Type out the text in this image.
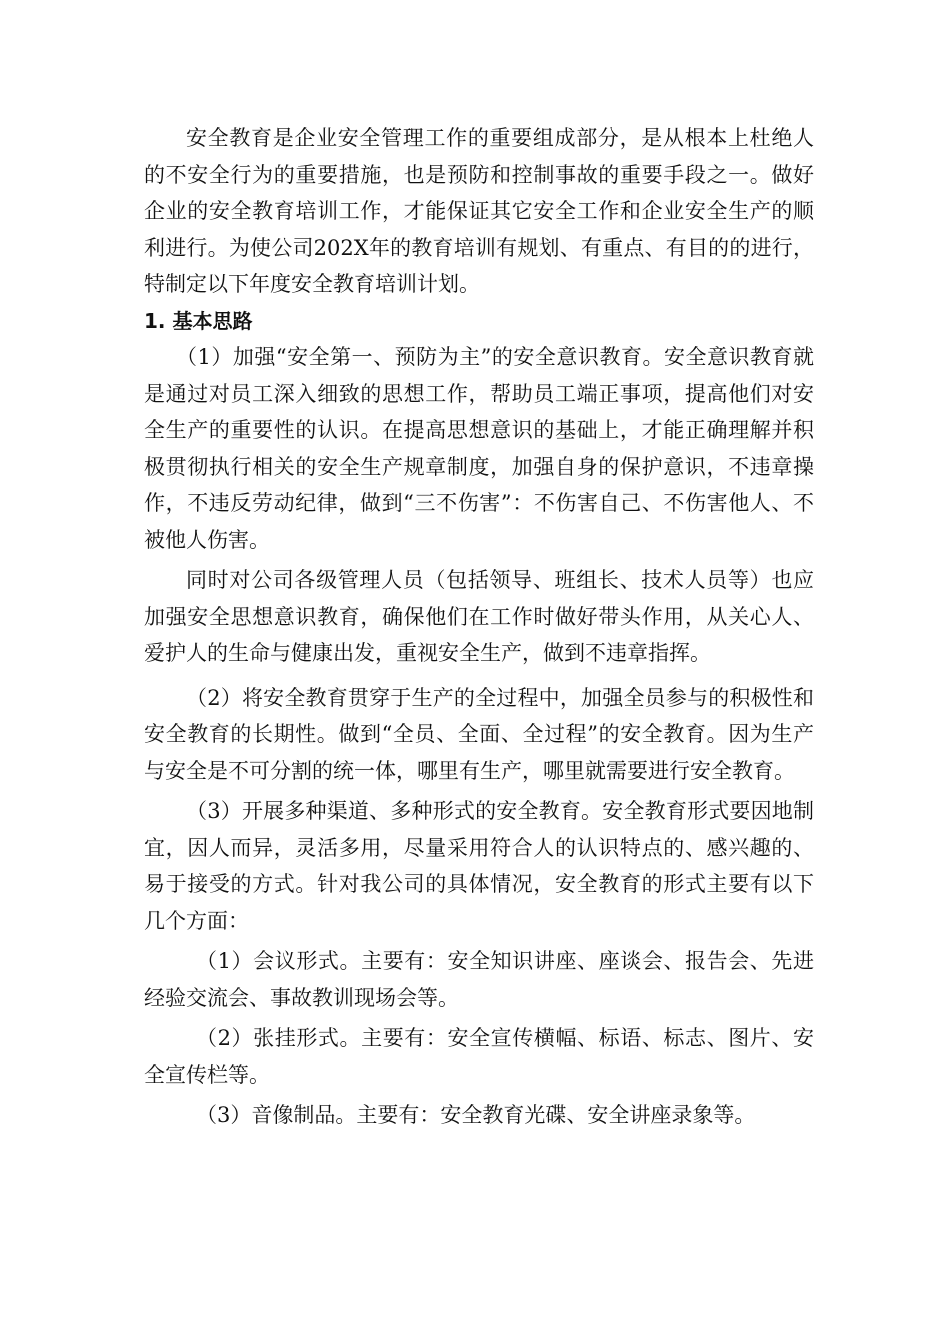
安全教育是企业安全管理工作的重要组成部分，是从根本上杜绝人的不安全行为的重要措施，也是预防和控制事故的重要手段之一。做好企业的安全教育培训工作，才能保证其它安全工作和企业安全生产的顺利进行。为使公司202X年的教育培训有规划、有重点、有目的的进行，特制定以下年度安全教育培训计划。

1. 基本思路

（1）加强“安全第一、预防为主”的安全意识教育。安全意识教育就是通过对员工深入细致的思想工作，帮助员工端正事项，提高他们对安全生产的重要性的认识。在提高思想意识的基础上，才能正确理解并积极贯彻执行相关的安全生产规章制度，加强自身的保护意识，不违章操作，不违反劳动纪律，做到“三不伤害”：不伤害自己、不伤害他人、不被他人伤害。

同时对公司各级管理人员（包括领导、班组长、技术人员等）也应加强安全思想意识教育，确保他们在工作时做好带头作用，从关心人、爱护人的生命与健康出发，重视安全生产，做到不违章指挥。

（2）将安全教育贯穿于生产的全过程中，加强全员参与的积极性和安全教育的长期性。做到“全员、全面、全过程”的安全教育。因为生产与安全是不可分割的统一体，哪里有生产，哪里就需要进行安全教育。

（3）开展多种渠道、多种形式的安全教育。安全教育形式要因地制宜，因人而异，灵活多用，尽量采用符合人的认识特点的、感兴趣的、易于接受的方式。针对我公司的具体情况，安全教育的形式主要有以下几个方面：

（1）会议形式。主要有：安全知识讲座、座谈会、报告会、先进经验交流会、事故教训现场会等。

（2）张挂形式。主要有：安全宣传横幅、标语、标志、图片、安全宣传栏等。

（3）音像制品。主要有：安全教育光碟、安全讲座录象等。
